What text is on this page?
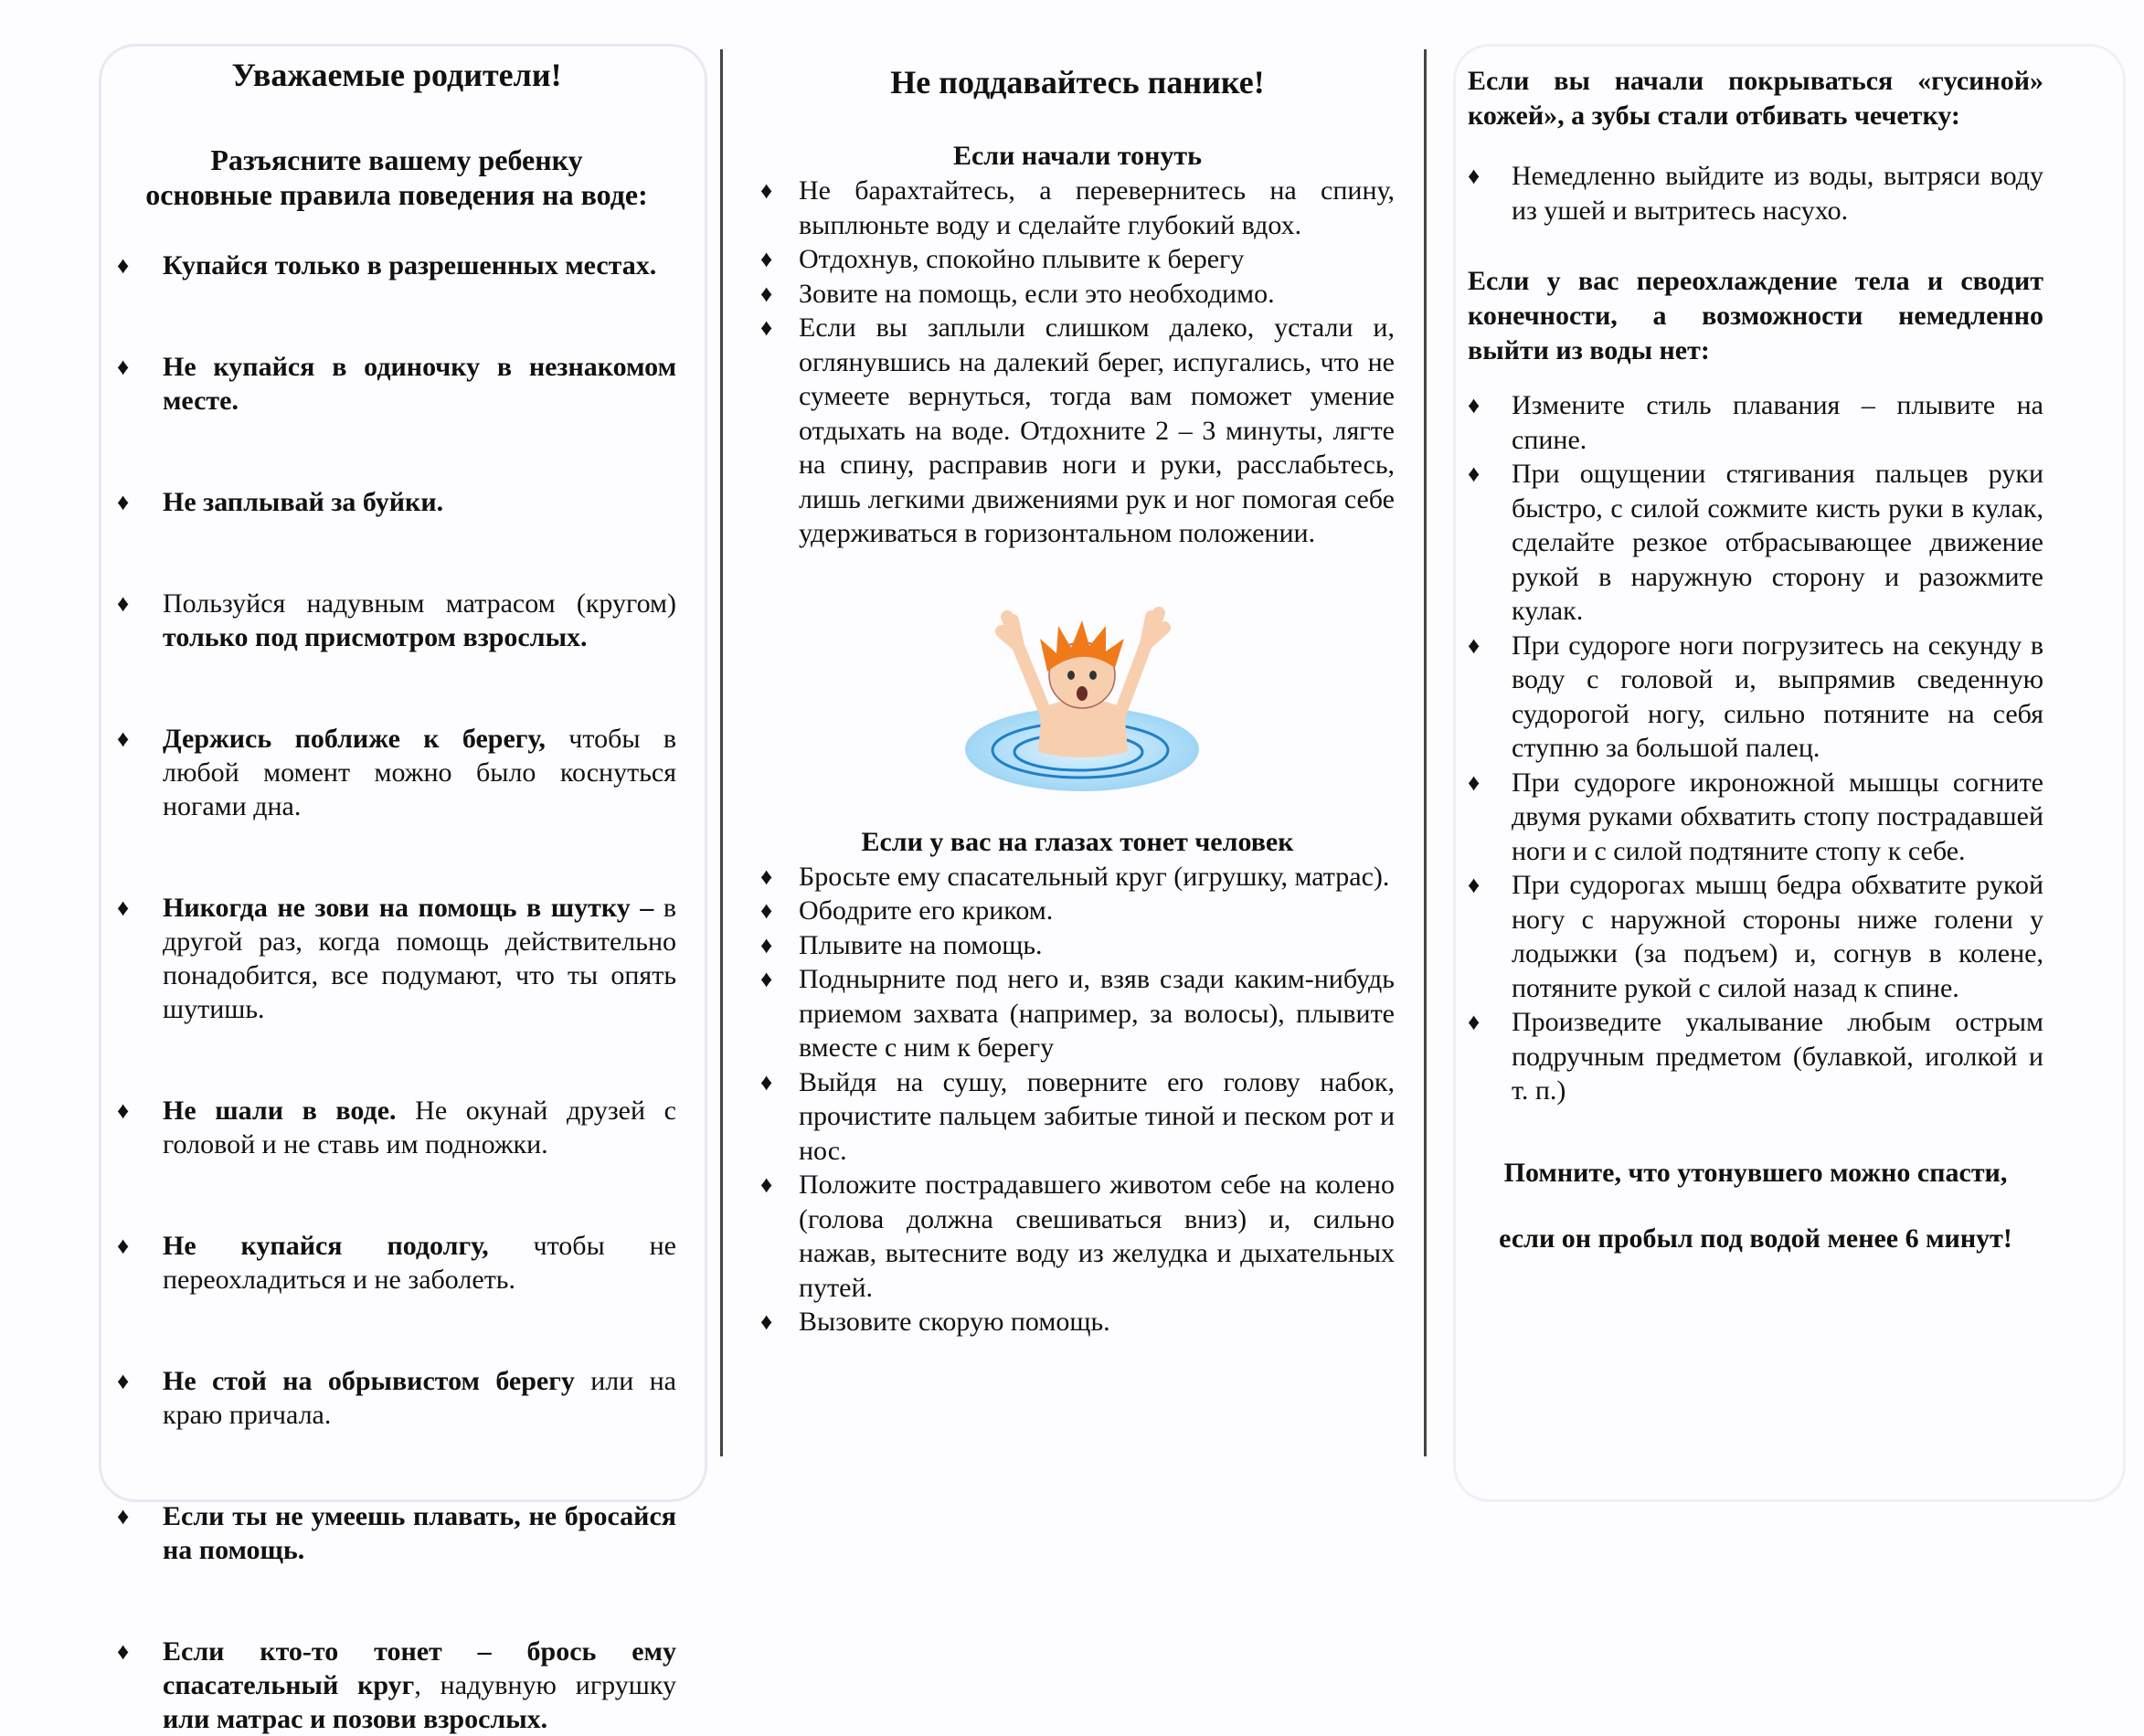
Уважаемые родители!
Разъясните вашему ребенку
основные правила поведения на воде:
♦ Купайся только в разрешенных местах.
♦ Не купайся в одиночку в незнакомом месте.
♦ Не заплывай за буйки.
♦ Пользуйся надувным матрасом (кругом) только под присмотром взрослых.
♦ Держись поближе к берегу, чтобы в любой момент можно было коснуться ногами дна.
♦ Никогда не зови на помощь в шутку – в другой раз, когда помощь действительно понадобится, все подумают, что ты опять шутишь.
♦ Не шали в воде. Не окунай друзей с головой и не ставь им подножки.
♦ Не купайся подолгу, чтобы не переохладиться и не заболеть.
♦ Не стой на обрывистом берегу или на краю причала.
♦ Если ты не умеешь плавать, не бросайся на помощь.
♦ Если кто-то тонет – брось ему спасательный круг, надувную игрушку или матрас и позови взрослых.
Не поддавайтесь панике!
Если начали тонуть
♦ Не барахтайтесь, а перевернитесь на спину, выплюньте воду и сделайте глубокий вдох.
♦ Отдохнув, спокойно плывите к берегу
♦ Зовите на помощь, если это необходимо.
♦ Если вы заплыли слишком далеко, устали и, оглянувшись на далекий берег, испугались, что не сумеете вернуться, тогда вам поможет умение отдыхать на воде. Отдохните 2 – 3 минуты, лягте на спину, расправив ноги и руки, расслабьтесь, лишь легкими движениями рук и ног помогая себе удерживаться в горизонтальном положении.
Если у вас на глазах тонет человек
♦ Бросьте ему спасательный круг (игрушку, матрас).
♦ Ободрите его криком.
♦ Плывите на помощь.
♦ Поднырните под него и, взяв сзади каким-нибудь приемом захвата (например, за волосы), плывите вместе с ним к берегу
♦ Выйдя на сушу, поверните его голову набок, прочистите пальцем забитые тиной и песком рот и нос.
♦ Положите пострадавшего животом себе на колено (голова должна свешиваться вниз) и, сильно нажав, вытесните воду из желудка и дыхательных путей.
♦ Вызовите скорую помощь.
Если вы начали покрываться «гусиной» кожей», а зубы стали отбивать чечетку:
♦ Немедленно выйдите из воды, вытряси воду из ушей и вытритесь насухо.
Если у вас переохлаждение тела и сводит конечности, а возможности немедленно выйти из воды нет:
♦ Измените стиль плавания – плывите на спине.
♦ При ощущении стягивания пальцев руки быстро, с силой сожмите кисть руки в кулак, сделайте резкое отбрасывающее движение рукой в наружную сторону и разожмите кулак.
♦ При судороге ноги погрузитесь на секунду в воду с головой и, выпрямив сведенную судорогой ногу, сильно потяните на себя ступню за большой палец.
♦ При судороге икроножной мышцы согните двумя руками обхватить стопу пострадавшей ноги и с силой подтяните стопу к себе.
♦ При судорогах мышц бедра обхватите рукой ногу с наружной стороны ниже голени у лодыжки (за подъем) и, согнув в колене, потяните рукой с силой назад к спине.
♦ Произведите укалывание любым острым подручным предметом (булавкой, иголкой и т. п.)
Помните, что утонувшего можно спасти,
если он пробыл под водой менее 6 минут!
